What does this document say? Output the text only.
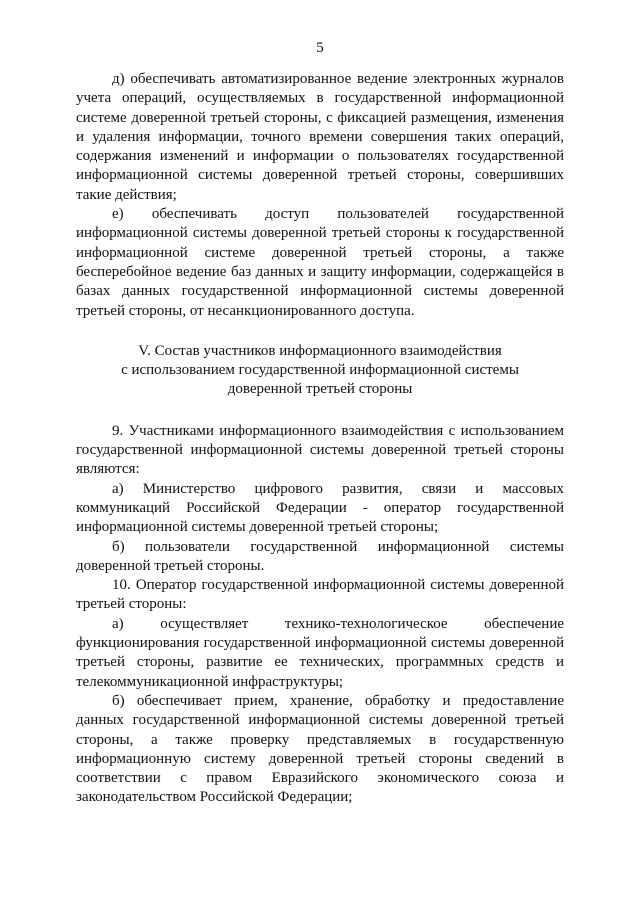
5

д) обеспечивать автоматизированное ведение электронных журналов учета операций, осуществляемых в государственной информационной системе доверенной третьей стороны, с фиксацией размещения, изменения и удаления информации, точного времени совершения таких операций, содержания изменений и информации о пользователях государственной информационной системы доверенной третьей стороны, совершивших такие действия;

е) обеспечивать доступ пользователей государственной информационной системы доверенной третьей стороны к государственной информационной системе доверенной третьей стороны, а также бесперебойное ведение баз данных и защиту информации, содержащейся в базах данных государственной информационной системы доверенной третьей стороны, от несанкционированного доступа.

V. Состав участников информационного взаимодействия
с использованием государственной информационной системы
доверенной третьей стороны

9. Участниками информационного взаимодействия с использованием государственной информационной системы доверенной третьей стороны являются:

а) Министерство цифрового развития, связи и массовых коммуникаций Российской Федерации - оператор государственной информационной системы доверенной третьей стороны;

б) пользователи государственной информационной системы доверенной третьей стороны.

10. Оператор государственной информационной системы доверенной третьей стороны:

а) осуществляет технико-технологическое обеспечение функционирования государственной информационной системы доверенной третьей стороны, развитие ее технических, программных средств и телекоммуникационной инфраструктуры;

б) обеспечивает прием, хранение, обработку и предоставление данных государственной информационной системы доверенной третьей стороны, а также проверку представляемых в государственную информационную систему доверенной третьей стороны сведений в соответствии с правом Евразийского экономического союза и законодательством Российской Федерации;
